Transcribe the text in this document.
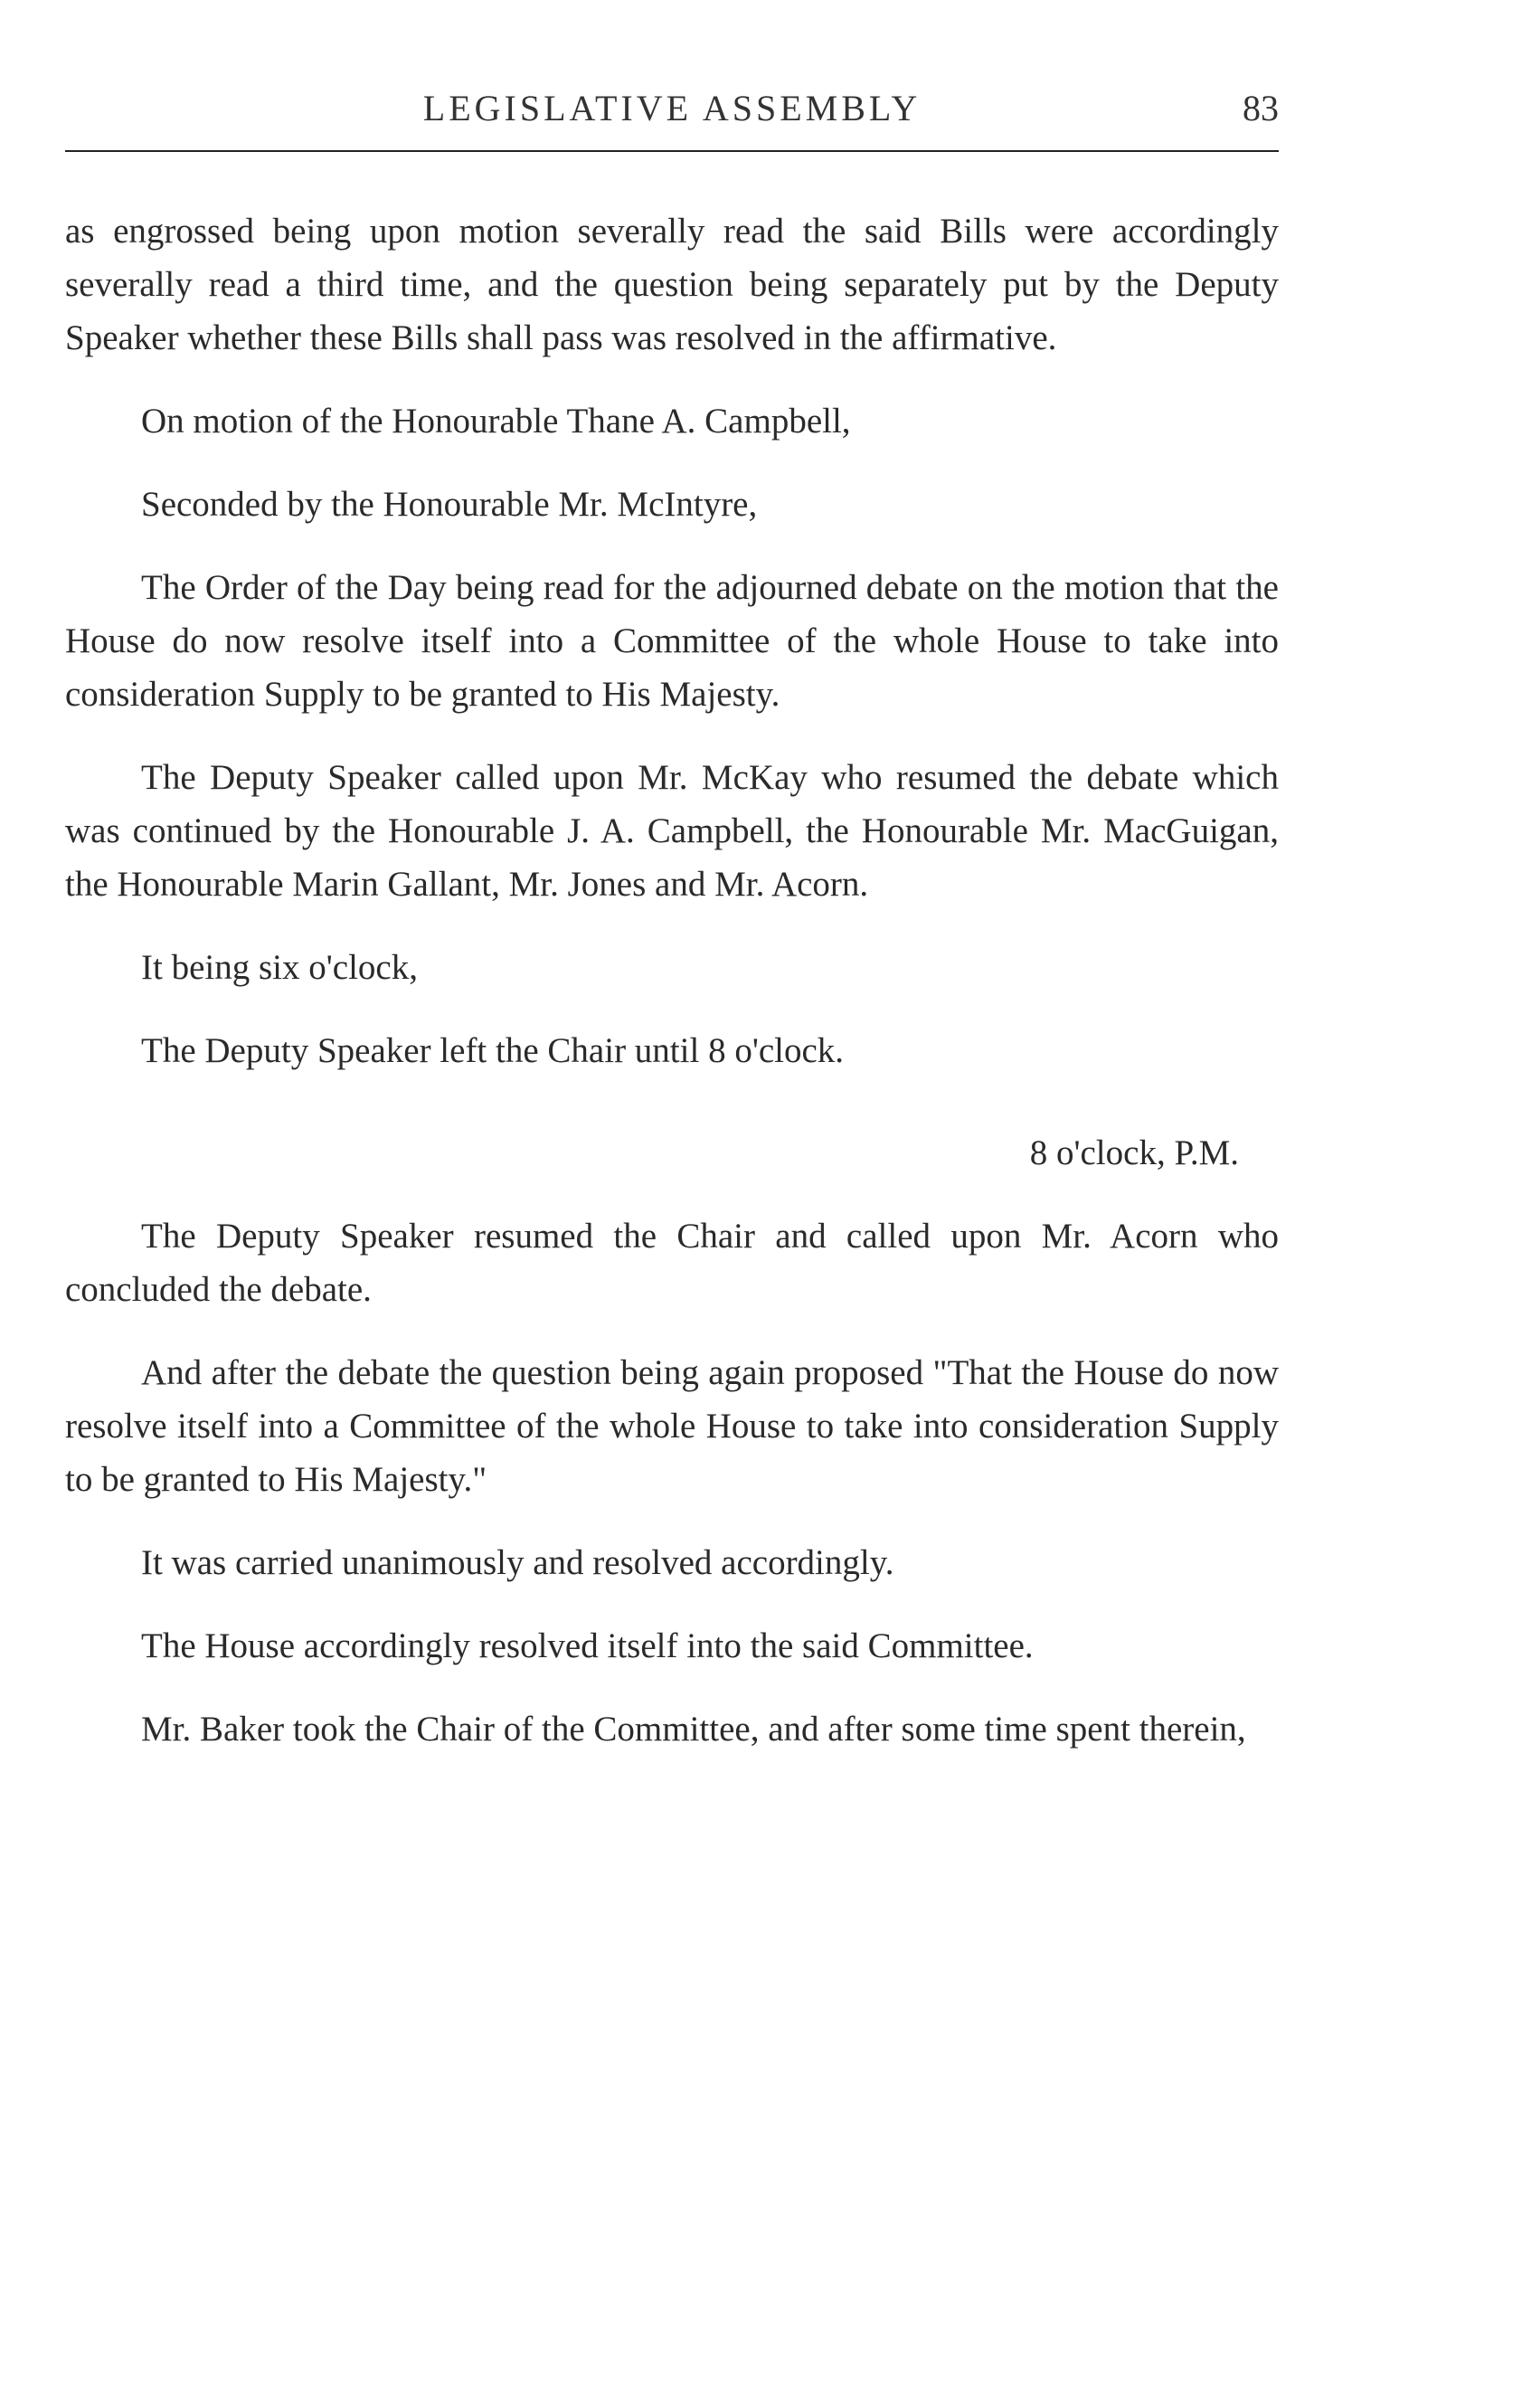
LEGISLATIVE ASSEMBLY	83

as engrossed being upon motion severally read the said Bills were accordingly severally read a third time, and the question being separately put by the Deputy Speaker whether these Bills shall pass was resolved in the affirmative.

On motion of the Honourable Thane A. Campbell,

Seconded by the Honourable Mr. McIntyre,

The Order of the Day being read for the adjourned debate on the motion that the House do now resolve itself into a Committee of the whole House to take into consideration Supply to be granted to His Majesty.

The Deputy Speaker called upon Mr. McKay who resumed the debate which was continued by the Honourable J. A. Campbell, the Honourable Mr. MacGuigan, the Honourable Marin Gallant, Mr. Jones and Mr. Acorn.

It being six o'clock,

The Deputy Speaker left the Chair until 8 o'clock.

8 o'clock, P.M.

The Deputy Speaker resumed the Chair and called upon Mr. Acorn who concluded the debate.

And after the debate the question being again proposed "That the House do now resolve itself into a Committee of the whole House to take into consideration Supply to be granted to His Majesty."

It was carried unanimously and resolved accordingly.

The House accordingly resolved itself into the said Committee.

Mr. Baker took the Chair of the Committee, and after some time spent therein,
